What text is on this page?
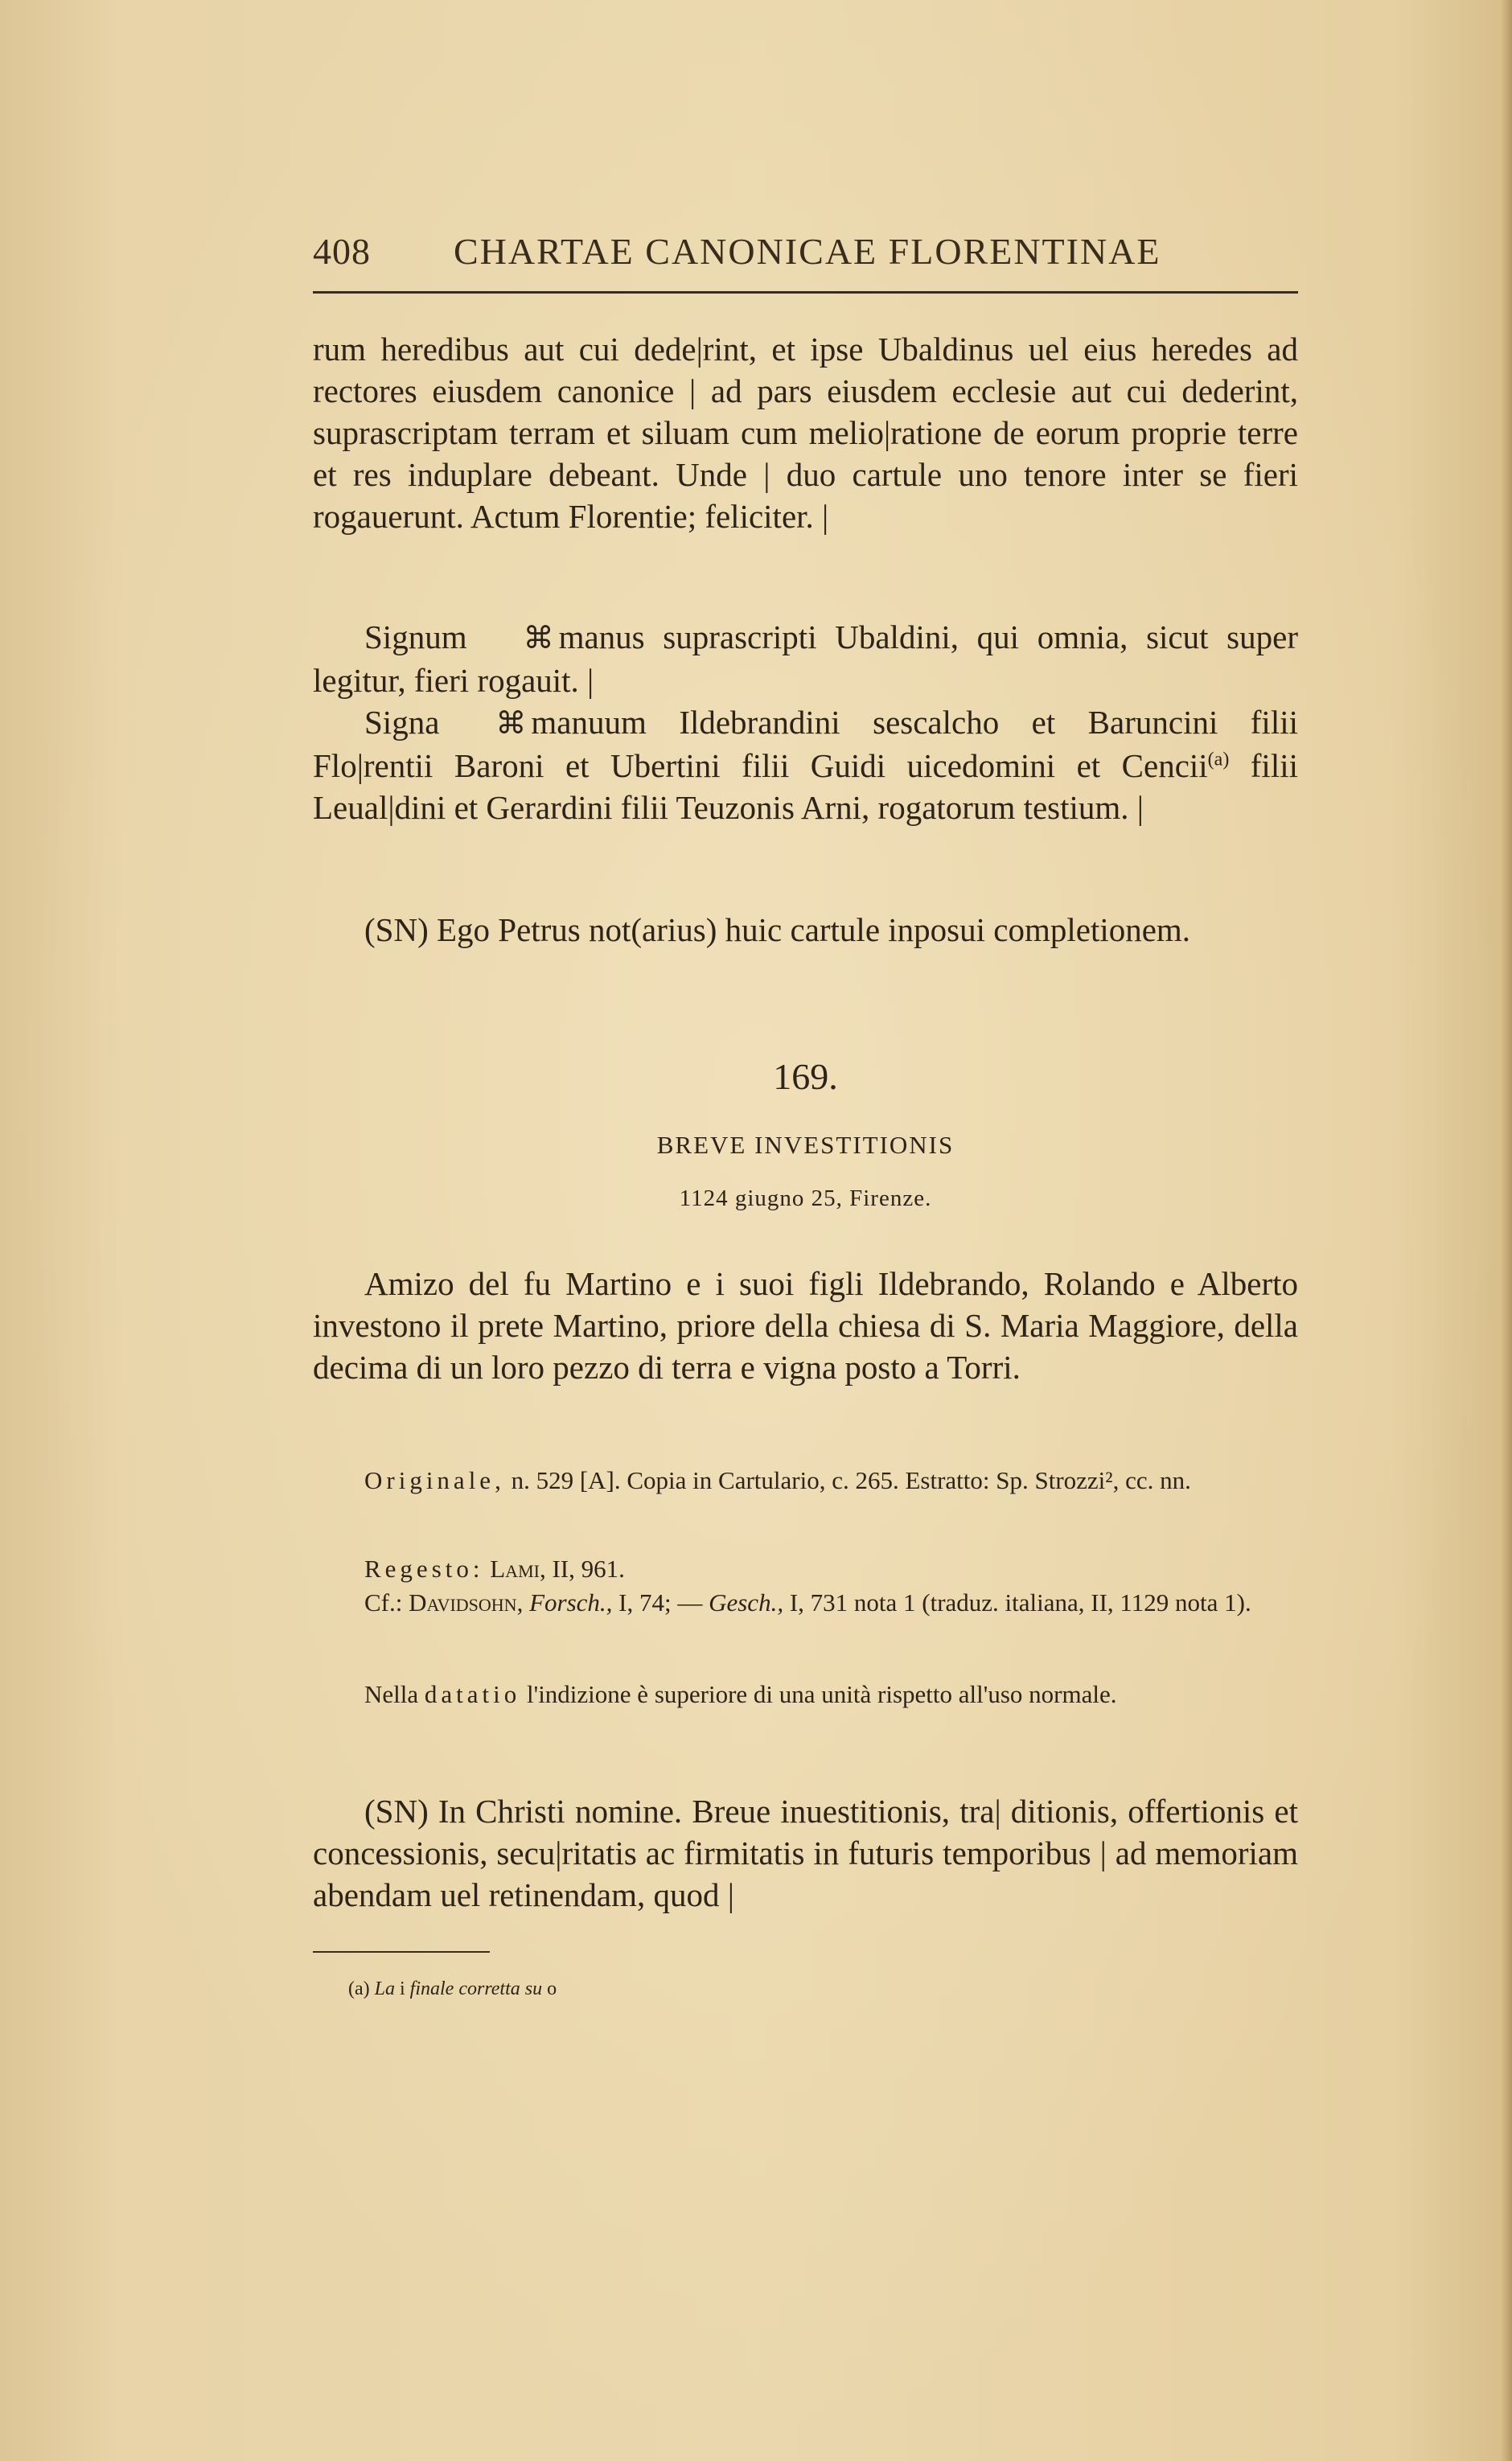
408 CHARTAE CANONICAE FLORENTINAE

rum heredibus aut cui dede|rint, et ipse Ubaldinus uel eius heredes ad rectores eiusdem canonice | ad pars eiusdem ecclesie aut cui dederint, suprascriptam terram et siluam cum melio|ratione de eorum proprie terre et res induplare debeant. Unde | duo cartule uno tenore inter se fieri rogauerunt. Actum Florentie; feliciter. |

Signum ⌘ manus suprascripti Ubaldini, qui omnia, sicut super legitur, fieri rogauit. |

Signa ⌘ manuum Ildebrandini sescalcho et Baruncini filii Flo|rentii Baroni et Ubertini filii Guidi uicedomini et Cencii$^{(a)}$ filii Leual|dini et Gerardini filii Teuzonis Arni, rogatorum testium. |

(SN) Ego Petrus not(arius) huic cartule inposui completionem.

169.
BREVE INVESTITIONIS
1124 giugno 25, Firenze.

Amizo del fu Martino e i suoi figli Ildebrando, Rolando e Alberto investono il prete Martino, priore della chiesa di S. Maria Maggiore, della decima di un loro pezzo di terra e vigna posto a Torri.

Originale, n. 529 [A]. Copia in Cartulario, c. 265. Estratto: Sp. Strozzi², cc. nn.

Regesto: Lami, II, 961.

Cf.: Davidsohn, Forsch., I, 74; — Gesch., I, 731 nota 1 (traduz. italiana, II, 1129 nota 1).

Nella datatio l'indizione è superiore di una unità rispetto all'uso normale.

(SN) In Christi nomine. Breue inuestitionis, tra| ditionis, offertionis et concessionis, secu|ritatis ac firmitatis in futuris temporibus | ad memoriam abendam uel retinendam, quod |

(a) La i finale corretta su o
